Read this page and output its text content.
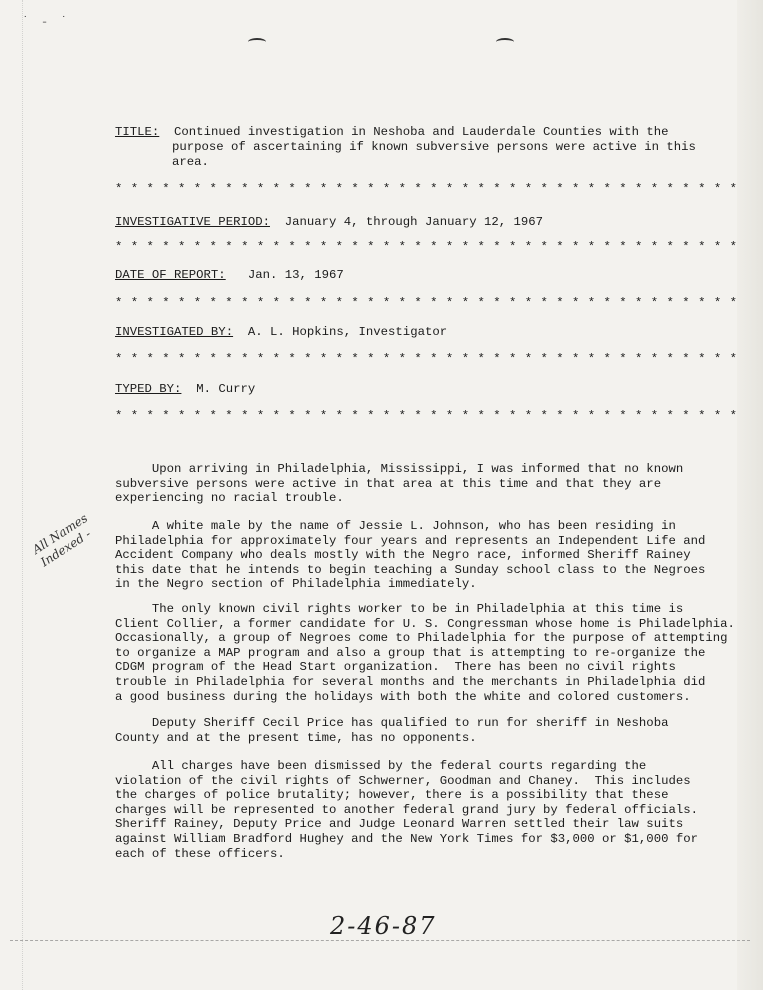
˙ ˗ ˙
TITLE: Continued investigation in Neshoba and Lauderdale Counties with the
purpose of ascertaining if known subversive persons were active in this
area.
* * * * * * * * * * * * * * * * * * * * * * * * * * * * * * * * * * * * * * * *
INVESTIGATIVE PERIOD: January 4, through January 12, 1967
* * * * * * * * * * * * * * * * * * * * * * * * * * * * * * * * * * * * * * * *
DATE OF REPORT: Jan. 13, 1967
* * * * * * * * * * * * * * * * * * * * * * * * * * * * * * * * * * * * * * * *
INVESTIGATED BY: A. L. Hopkins, Investigator
* * * * * * * * * * * * * * * * * * * * * * * * * * * * * * * * * * * * * * * *
TYPED BY: M. Curry
* * * * * * * * * * * * * * * * * * * * * * * * * * * * * * * * * * * * * * * *

Upon arriving in Philadelphia, Mississippi, I was informed that no known
subversive persons were active in that area at this time and that they are
experiencing no racial trouble.

A white male by the name of Jessie L. Johnson, who has been residing in
Philadelphia for approximately four years and represents an Independent Life and
Accident Company who deals mostly with the Negro race, informed Sheriff Rainey
this date that he intends to begin teaching a Sunday school class to the Negroes
in the Negro section of Philadelphia immediately.

The only known civil rights worker to be in Philadelphia at this time is
Client Collier, a former candidate for U. S. Congressman whose home is Philadelphia.
Occasionally, a group of Negroes come to Philadelphia for the purpose of attempting
to organize a MAP program and also a group that is attempting to re-organize the
CDGM program of the Head Start organization.  There has been no civil rights
trouble in Philadelphia for several months and the merchants in Philadelphia did
a good business during the holidays with both the white and colored customers.

Deputy Sheriff Cecil Price has qualified to run for sheriff in Neshoba
County and at the present time, has no opponents.

All charges have been dismissed by the federal courts regarding the
violation of the civil rights of Schwerner, Goodman and Chaney.  This includes
the charges of police brutality; however, there is a possibility that these
charges will be represented to another federal grand jury by federal officials.
Sheriff Rainey, Deputy Price and Judge Leonard Warren settled their law suits
against William Bradford Hughey and the New York Times for $3,000 or $1,000 for
each of these officers.

All Names Indexed -
2-46-87
